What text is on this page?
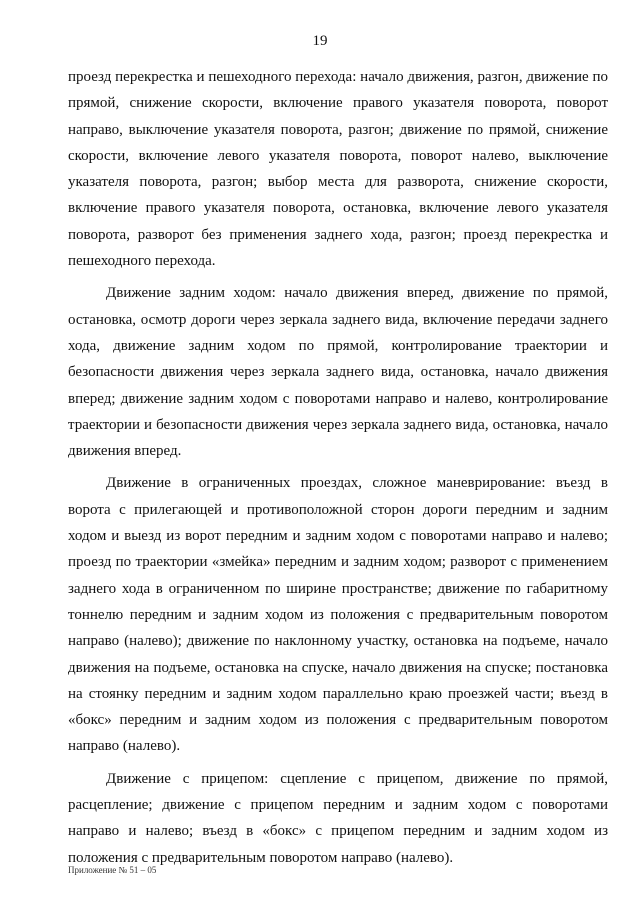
19

проезд перекрестка и пешеходного перехода: начало движения, разгон, движение по прямой, снижение скорости, включение правого указателя поворота, поворот направо, выключение указателя поворота, разгон; движение по прямой, снижение скорости, включение левого указателя поворота, поворот налево, выключение указателя поворота, разгон; выбор места для разворота, снижение скорости, включение правого указателя поворота, остановка, включение левого указателя поворота, разворот без применения заднего хода, разгон; проезд перекрестка и пешеходного перехода.

Движение задним ходом: начало движения вперед, движение по прямой, остановка, осмотр дороги через зеркала заднего вида, включение передачи заднего хода, движение задним ходом по прямой, контролирование траектории и безопасности движения через зеркала заднего вида, остановка, начало движения вперед; движение задним ходом с поворотами направо и налево, контролирование траектории и безопасности движения через зеркала заднего вида, остановка, начало движения вперед.

Движение в ограниченных проездах, сложное маневрирование: въезд в ворота с прилегающей и противоположной сторон дороги передним и задним ходом и выезд из ворот передним и задним ходом с поворотами направо и налево; проезд по траектории «змейка» передним и задним ходом; разворот с применением заднего хода в ограниченном по ширине пространстве; движение по габаритному тоннелю передним и задним ходом из положения с предварительным поворотом направо (налево); движение по наклонному участку, остановка на подъеме, начало движения на подъеме, остановка на спуске, начало движения на спуске; постановка на стоянку передним и задним ходом параллельно краю проезжей части; въезд в «бокс» передним и задним ходом из положения с предварительным поворотом направо (налево).

Движение с прицепом: сцепление с прицепом, движение по прямой, расцепление; движение с прицепом передним и задним ходом с поворотами направо и налево; въезд в «бокс» с прицепом передним и задним ходом из положения с предварительным поворотом направо (налево).

Приложение № 51 – 05
